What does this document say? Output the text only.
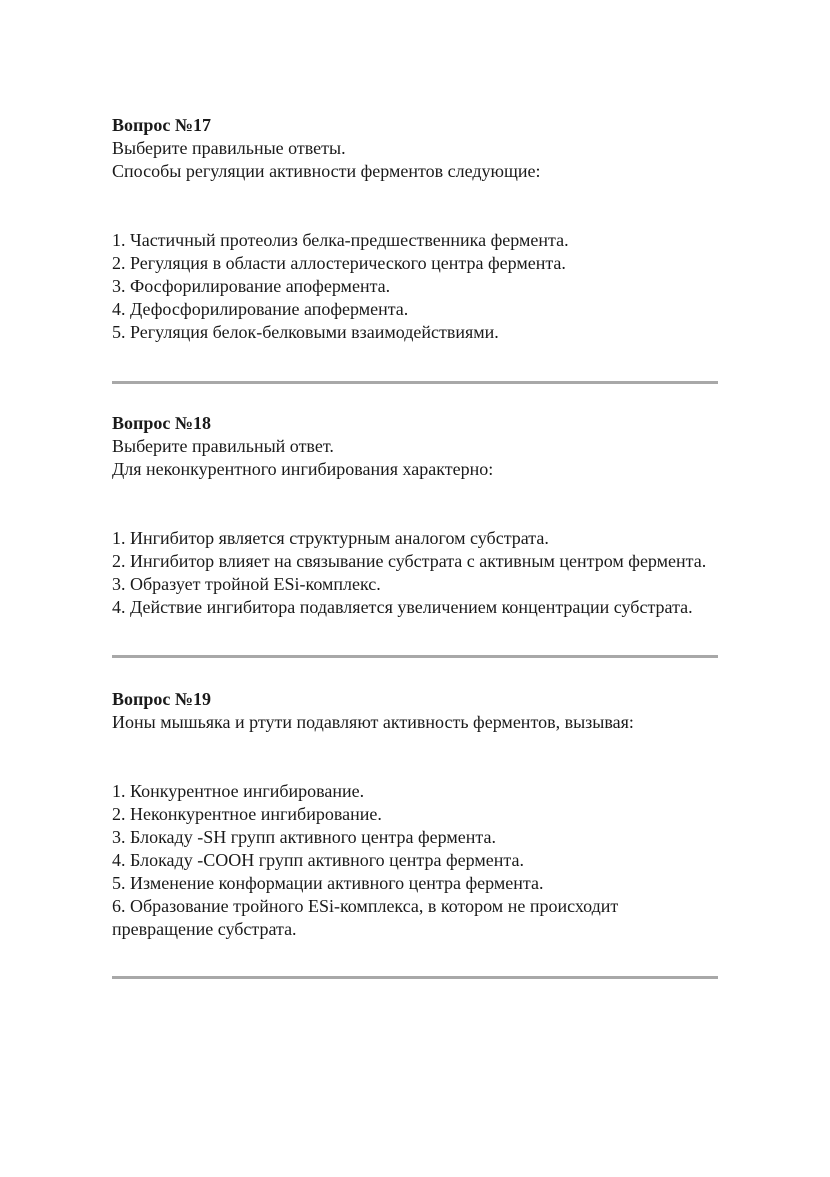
Вопрос №17

Выберите правильные ответы.

Способы регуляции активности ферментов следующие:

1. Частичный протеолиз белка-предшественника фермента.
2. Регуляция в области аллостерического центра фермента.
3. Фосфорилирование апофермента.
4. Дефосфорилирование апофермента.
5. Регуляция белок-белковыми взаимодействиями.

Вопрос №18

Выберите правильный ответ.

Для неконкурентного ингибирования характерно:

1. Ингибитор является структурным аналогом субстрата.
2. Ингибитор влияет на связывание субстрата с активным центром фермента.
3. Образует тройной ESi-комплекс.
4. Действие ингибитора подавляется увеличением концентрации субстрата.

Вопрос №19

Ионы мышьяка и ртути подавляют активность ферментов, вызывая:

1. Конкурентное ингибирование.
2. Неконкурентное ингибирование.
3. Блокаду -SH групп активного центра фермента.
4. Блокаду -COOH групп активного центра фермента.
5. Изменение конформации активного центра фермента.
6. Образование тройного ESi-комплекса, в котором не происходит превращение субстрата.
